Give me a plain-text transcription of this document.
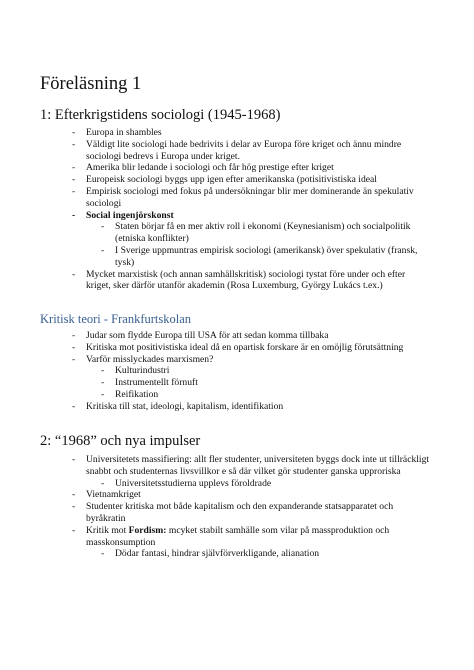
Föreläsning 1
1: Efterkrigstidens sociologi (1945-1968)
- Europa in shambles
- Väldigt lite sociologi hade bedrivits i delar av Europa före kriget och ännu mindre sociologi bedrevs i Europa under kriget.
- Amerika blir ledande i sociologi och får hög prestige efter kriget
- Europeisk sociologi byggs upp igen efter amerikanska (potisitivistiska ideal
- Empirisk sociologi med fokus på undersökningar blir mer dominerande än spekulativ sociologi
- Social ingenjörskonst
- Staten börjar få en mer aktiv roll i ekonomi (Keynesianism) och socialpolitik (etniska konflikter)
- I Sverige uppmuntras empirisk sociologi (amerikansk) över spekulativ (fransk, tysk)
- Mycket marxistisk (och annan samhällskritisk) sociologi tystat före under och efter kriget, sker därför utanför akademin (Rosa Luxemburg, György Lukács t.ex.)
Kritisk teori - Frankfurtskolan
- Judar som flydde Europa till USA för att sedan komma tillbaka
- Kritiska mot positivistiska ideal då en opartisk forskare är en omöjlig förutsättning
- Varför misslyckades marxismen?
- Kulturindustri
- Instrumentellt förnuft
- Reifikation
- Kritiska till stat, ideologi, kapitalism, identifikation
2: “1968” och nya impulser
- Universitetets massifiering: allt fler studenter, universiteten byggs dock inte ut tillräckligt snabbt och studenternas livsvillkor e så där vilket gör studenter ganska upproriska
- Universitetsstudierna upplevs föroldrade
- Vietnamkriget
- Studenter kritiska mot både kapitalism och den expanderande statsapparatet och byråkratin
- Kritik mot Fordism: mcyket stabilt samhälle som vilar på massproduktion och masskonsumption
- Dödar fantasi, hindrar självförverkligande, alianation
